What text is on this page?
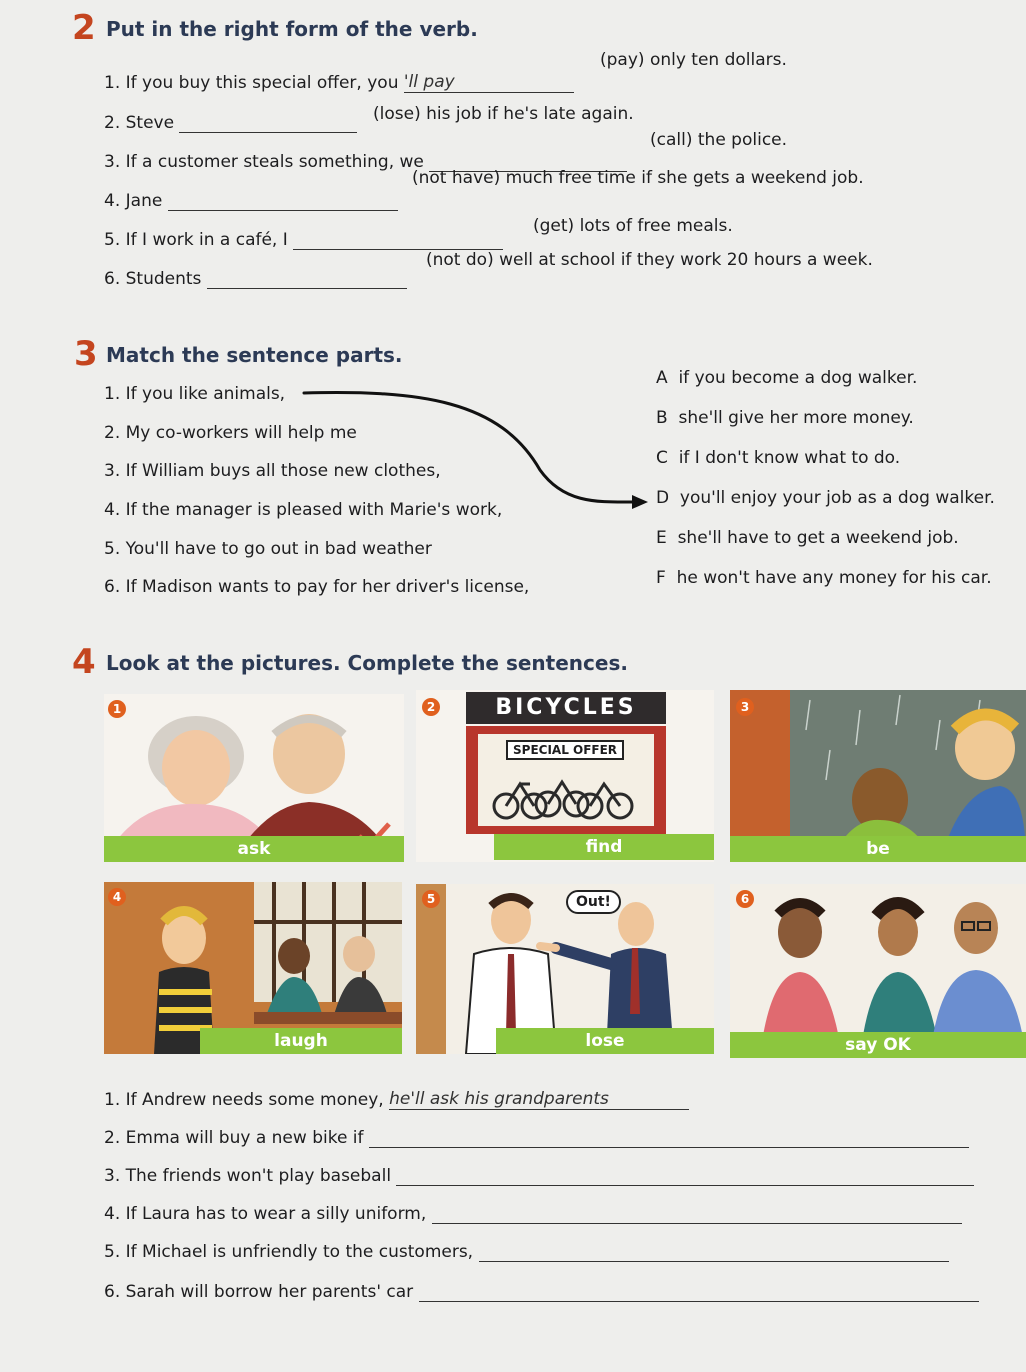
2 Put in the right form of the verb.
1. If you buy this special offer, you 'll pay
(pay) only ten dollars.
2. Steve	(lose) his job if he's late again.
3. If a customer steals something, we
(call) the police.
4. Jane
(not have) much free time if she gets a weekend job.
5. If I work in a café, I
(get) lots of free meals.
6. Students
(not do) well at school if they work 20 hours a week.
3 Match the sentence parts.
1. If you like animals,
2. My co-workers will help me
3. If William buys all those new clothes,
4. If the manager is pleased with Marie's work,
5. You'll have to go out in bad weather
6. If Madison wants to pay for her driver's license,
A if you become a dog walker.
B she'll give her more money.
C if I don't know what to do.
D you'll enjoy your job as a dog walker.
E she'll have to get a weekend job.
F he won't have any money for his car.
4 Look at the pictures. Complete the sentences.
1
ask
BICYCLES
SPECIAL OFFER
2
find
3
be
4
laugh
Out!
5
lose
6
say OK
1. If Andrew needs some money, he'll ask his grandparents
2. Emma will buy a new bike if
3. The friends won't play baseball
4. If Laura has to wear a silly uniform,
5. If Michael is unfriendly to the customers,
6. Sarah will borrow her parents' car
